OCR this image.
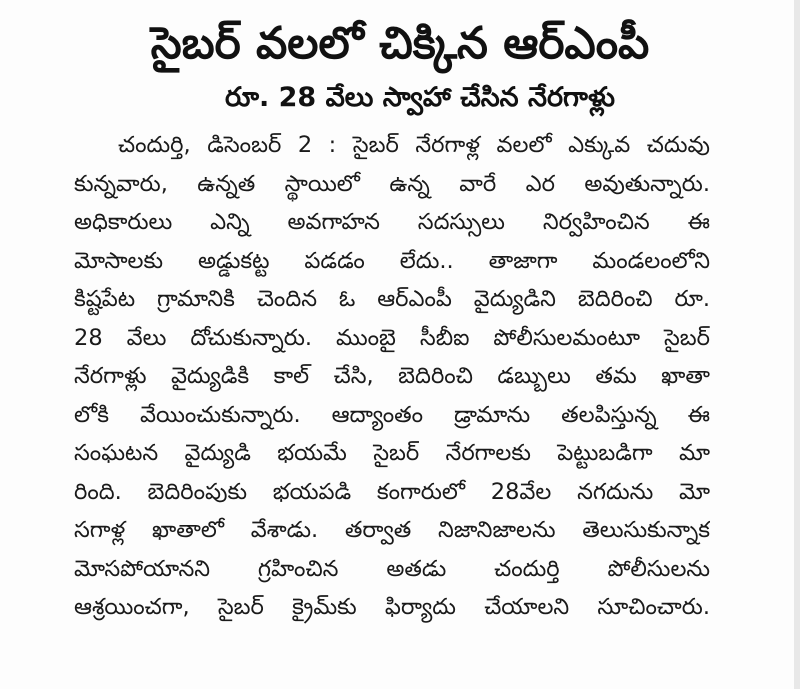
సైబర్ వలలో చిక్కిన ఆర్ఎంపీ
రూ. 28 వేలు స్వాహా చేసిన నేరగాళ్లు
చందుర్తి, డిసెంబర్ 2 : సైబర్ నేరగాళ్ల వలలో ఎక్కువ చదువు
కున్నవారు, ఉన్నత స్థాయిలో ఉన్న వారే ఎర అవుతున్నారు.
అధికారులు ఎన్ని అవగాహన సదస్సులు నిర్వహించిన ఈ
మోసాలకు అడ్డుకట్ట పడడం లేదు.. తాజాగా మండలంలోని
కిష్టపేట గ్రామానికి చెందిన ఓ ఆర్ఎంపీ వైద్యుడిని బెదిరించి రూ.
28 వేలు దోచుకున్నారు. ముంబై సీబీఐ పోలీసులమంటూ సైబర్
నేరగాళ్లు వైద్యుడికి కాల్ చేసి, బెదిరించి డబ్బులు తమ ఖాతా
లోకి వేయించుకున్నారు. ఆద్యాంతం డ్రామాను తలపిస్తున్న ఈ
సంఘటన వైద్యుడి భయమే సైబర్ నేరగాలకు పెట్టుబడిగా మా
రింది. బెదిరింపుకు భయపడి కంగారులో 28వేల నగదును మో
సగాళ్ల ఖాతాలో వేశాడు. తర్వాత నిజానిజాలను తెలుసుకున్నాక
మోసపోయానని గ్రహించిన అతడు చందుర్తి పోలీసులను
ఆశ్రయించగా, సైబర్ క్రైమ్‌కు ఫిర్యాదు చేయాలని సూచించారు.
